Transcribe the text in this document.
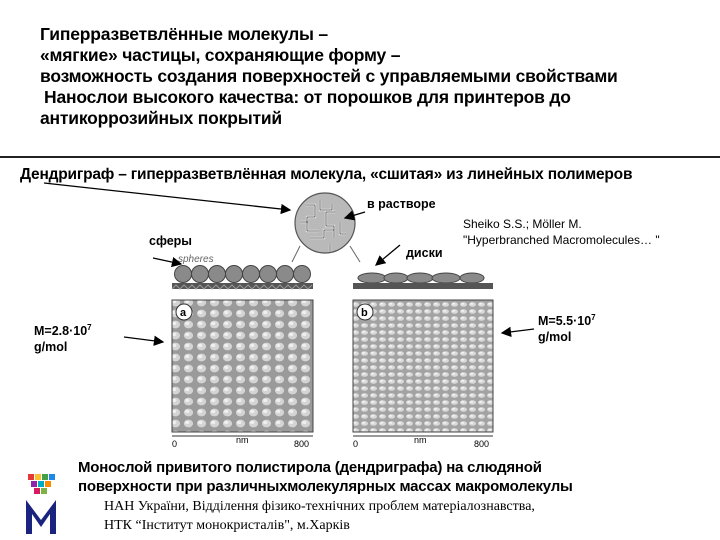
Гиперразветвлённые молекулы –
«мягкие» частицы, сохраняющие форму –
возможность создания поверхностей с управляемыми свойствами
Нанослои высокого качества: от порошков для принтеров до
антикоррозийных покрытий
Дендриграф – гиперразветвлённая молекула, «сшитая» из линейных полимеров
spheres
a
0	nm	800
b
0	nm	800
в растворе
сферы
диски
Sheiko S.S.; Möller M.
"Hyperbranched Macromolecules… "
$M=2.8\cdot 10^7$
g/mol
$M=5.5\cdot 10^7$
g/mol
Монослой привитого полистирола (дендриграфа) на слюдяной
поверхности при различныхмолекулярных массах макромолекулы
НАН України, Відділення фізико-технічних проблем матеріалознавства,
НТК “Інститут монокристалів", м.Харків
